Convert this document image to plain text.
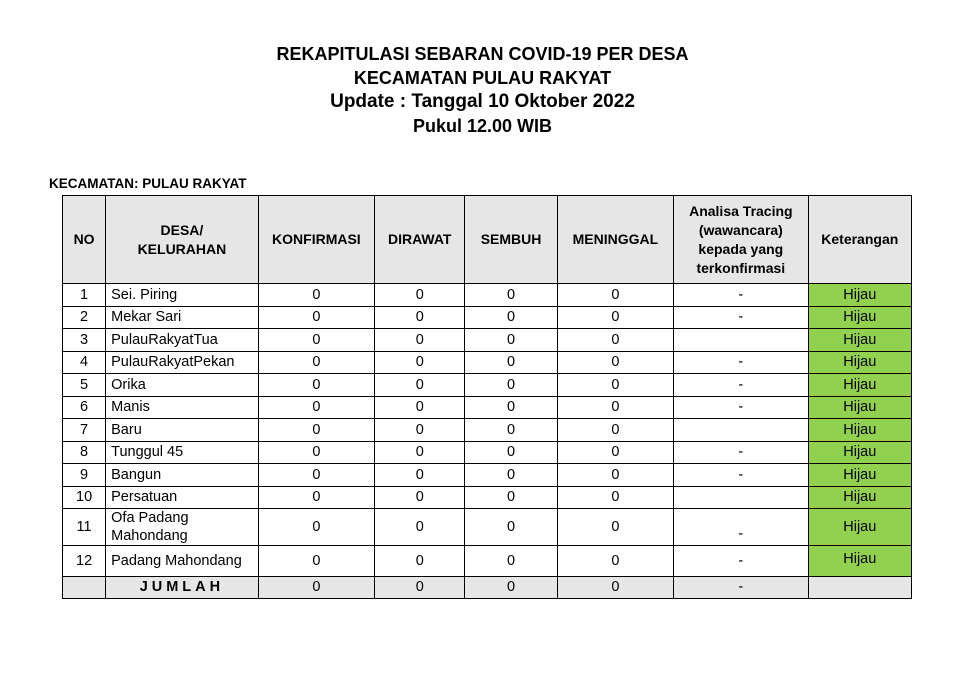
REKAPITULASI SEBARAN COVID-19 PER DESA
KECAMATAN PULAU RAKYAT
Update : Tanggal 10 Oktober 2022
Pukul 12.00 WIB
KECAMATAN: PULAU RAKYAT
NO	DESA/ KELURAHAN	KONFIRMASI	DIRAWAT	SEMBUH	MENINGGAL	Analisa Tracing (wawancara) kepada yang terkonfirmasi	Keterangan
1	Sei. Piring	0	0	0	0	-	Hijau
2	Mekar Sari	0	0	0	0	-	Hijau
3	PulauRakyatTua	0	0	0	0		Hijau
4	PulauRakyatPekan	0	0	0	0	-	Hijau
5	Orika	0	0	0	0	-	Hijau
6	Manis	0	0	0	0	-	Hijau
7	Baru	0	0	0	0		Hijau
8	Tunggul 45	0	0	0	0	-	Hijau
9	Bangun	0	0	0	0	-	Hijau
10	Persatuan	0	0	0	0		Hijau
11	Ofa Padang Mahondang	0	0	0	0	-	Hijau
12	Padang Mahondang	0	0	0	0	-	Hijau
	JUMLAH	0	0	0	0	-	
